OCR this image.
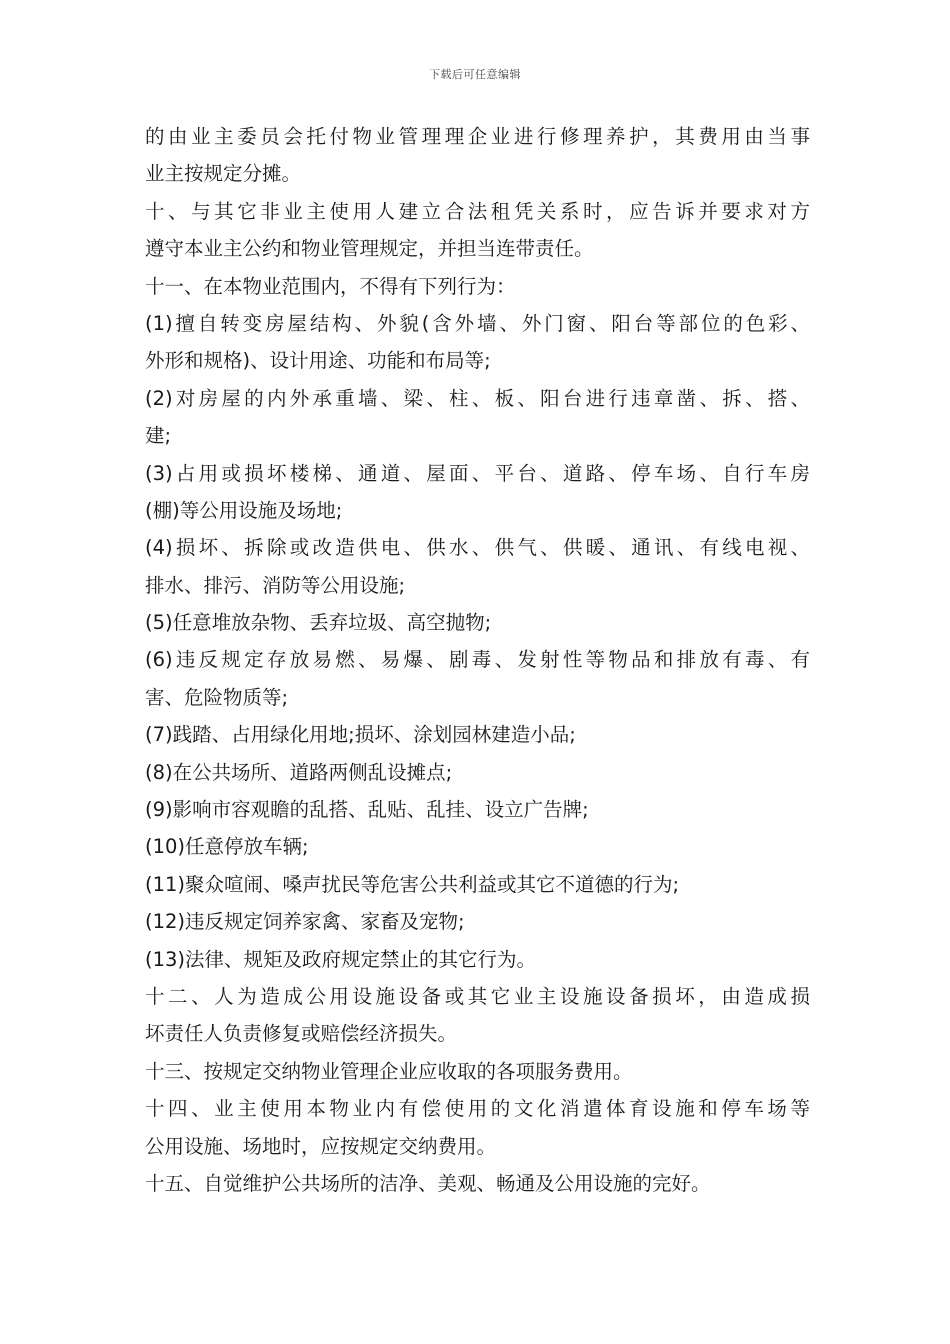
下载后可任意编辑
的由业主委员会托付物业管理理企业进行修理养护，其费用由当事
业主按规定分摊。
十、与其它非业主使用人建立合法租凭关系时，应告诉并要求对方
遵守本业主公约和物业管理规定，并担当连带责任。
十一、在本物业范围内，不得有下列行为：
(1)擅自转变房屋结构、外貌(含外墙、外门窗、阳台等部位的色彩、
外形和规格)、设计用途、功能和布局等;
(2)对房屋的内外承重墙、梁、柱、板、阳台进行违章凿、拆、搭、
建;
(3)占用或损坏楼梯、通道、屋面、平台、道路、停车场、自行车房
(棚)等公用设施及场地;
(4)损坏、拆除或改造供电、供水、供气、供暖、通讯、有线电视、
排水、排污、消防等公用设施;
(5)任意堆放杂物、丢弃垃圾、高空抛物;
(6)违反规定存放易燃、易爆、剧毒、发射性等物品和排放有毒、有
害、危险物质等;
(7)践踏、占用绿化用地;损坏、涂划园林建造小品;
(8)在公共场所、道路两侧乱设摊点;
(9)影响市容观瞻的乱搭、乱贴、乱挂、设立广告牌;
(10)任意停放车辆;
(11)聚众喧闹、嗓声扰民等危害公共利益或其它不道德的行为;
(12)违反规定饲养家禽、家畜及宠物;
(13)法律、规矩及政府规定禁止的其它行为。
十二、人为造成公用设施设备或其它业主设施设备损坏，由造成损
坏责任人负责修复或赔偿经济损失。
十三、按规定交纳物业管理企业应收取的各项服务费用。
十四、业主使用本物业内有偿使用的文化消遣体育设施和停车场等
公用设施、场地时，应按规定交纳费用。
十五、自觉维护公共场所的洁净、美观、畅通及公用设施的完好。
